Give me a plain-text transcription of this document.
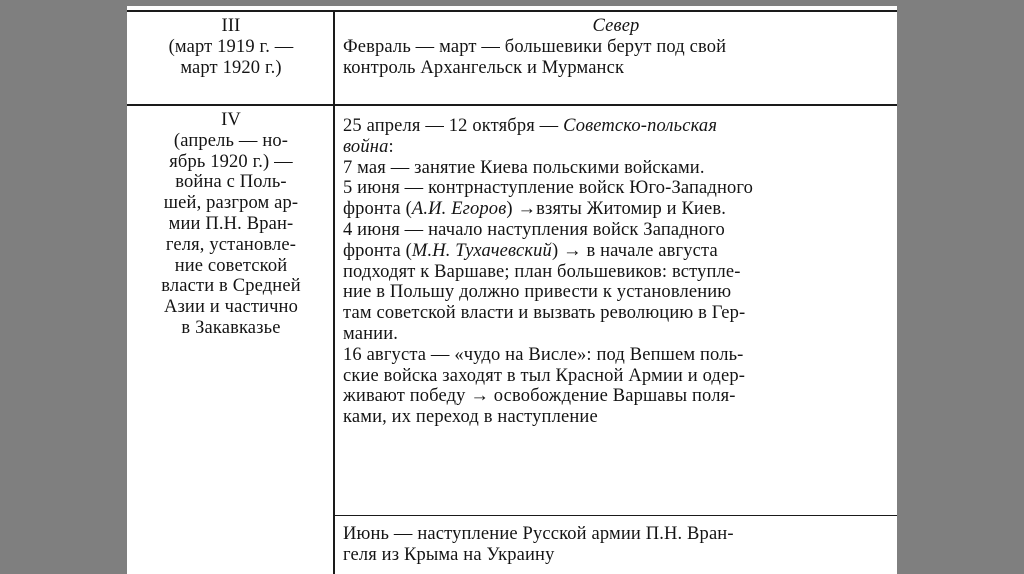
III
(март 1919 г. —
март 1920 г.)

Север

Февраль — март — большевики берут под свой

контроль Архангельск и Мурманск

IV
(апрель — но-
ябрь 1920 г.) —
война с Поль-
шей, разгром ар-
мии П.Н. Вран-
геля, установле-
ние советской
власти в Средней
Азии и частично
в Закавказье

25 апреля — 12 октября — Советско-польская

война:

7 мая — занятие Киева польскими войсками.

5 июня — контрнаступление войск Юго-Западного

фронта (А.И. Егоров) →взяты Житомир и Киев.

4 июня — начало наступления войск Западного

фронта (М.Н. Тухачевский) → в начале августа

подходят к Варшаве; план большевиков: вступле-

ние в Польшу должно привести к установлению

там советской власти и вызвать революцию в Гер-

мании.

16 августа — «чудо на Висле»: под Вепшем поль-

ские войска заходят в тыл Красной Армии и одер-

живают победу → освобождение Варшавы поля-

ками, их переход в наступление

Июнь — наступление Русской армии П.Н. Вран-

геля из Крыма на Украину
